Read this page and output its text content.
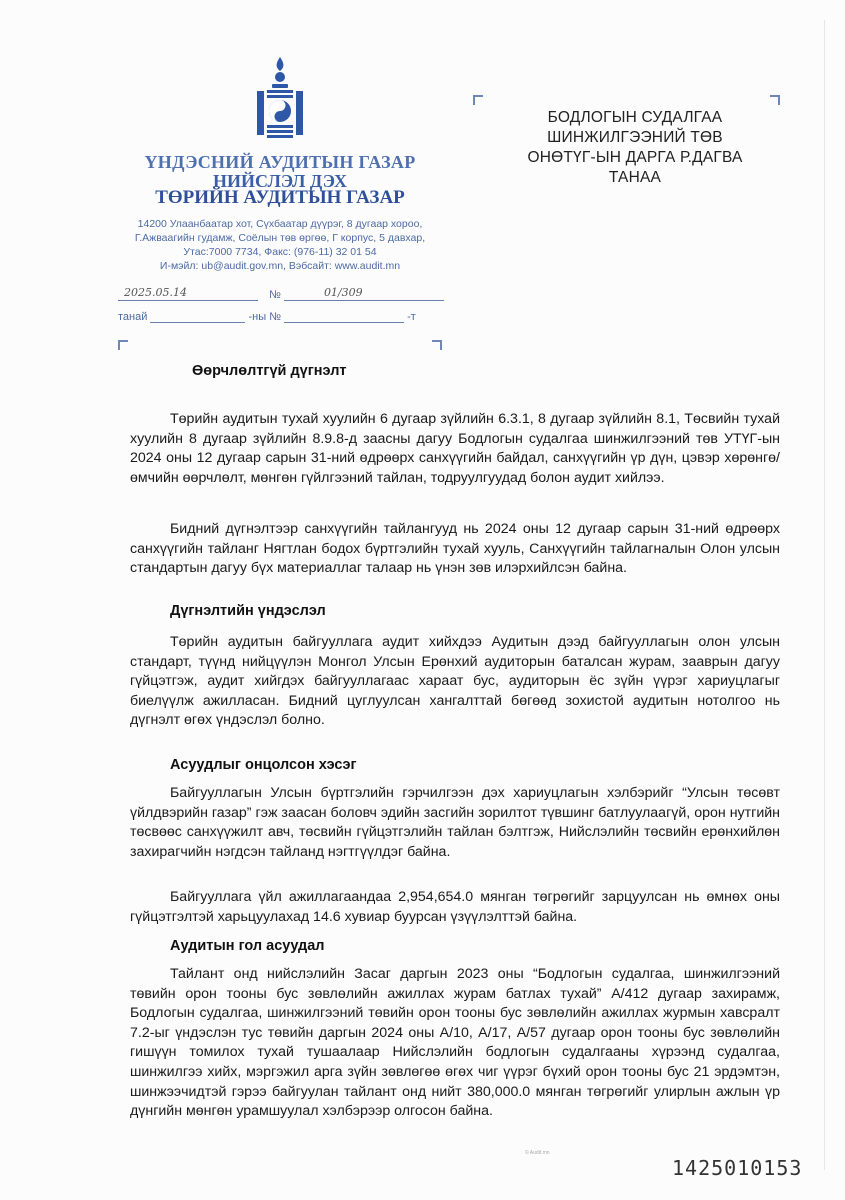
ҮНДЭСНИЙ АУДИТЫН ГАЗАР
НИЙСЛЭЛ ДЭХ
ТӨРИЙН АУДИТЫН ГАЗАР
14200 Улаанбаатар хот, Сүхбаатар дүүрэг, 8 дугаар хороо,
Г.Ажваагийн гудамж, Соёлын төв өргөө, Г корпус, 5 давхар,
Утас:7000 7734, Факс: (976-11) 32 01 54
И-мэйл: ub@audit.gov.mn, Вэбсайт: www.audit.mn
2025.05.14	№	01/309
танай	-ны №	-т
БОДЛОГЫН СУДАЛГАА
ШИНЖИЛГЭЭНИЙ ТӨВ
ОНӨТҮГ-ЫН ДАРГА Р.ДАГВА
ТАНАА
Өөрчлөлтгүй дүгнэлт
Төрийн аудитын тухай хуулийн 6 дугаар зүйлийн 6.3.1, 8 дугаар зүйлийн 8.1, Төсвийн тухай хуулийн 8 дугаар зүйлийн 8.9.8-д заасны дагуу Бодлогын судалгаа шинжилгээний төв УТҮГ-ын 2024 оны 12 дугаар сарын 31-ний өдрөөрх санхүүгийн байдал, санхүүгийн үр дүн, цэвэр хөрөнгө/өмчийн өөрчлөлт, мөнгөн гүйлгээний тайлан, тодруулгуудад болон аудит хийлээ.
Бидний дүгнэлтээр санхүүгийн тайлангууд нь 2024 оны 12 дугаар сарын 31-ний өдрөөрх санхүүгийн тайланг Нягтлан бодох бүртгэлийн тухай хууль, Санхүүгийн тайлагналын Олон улсын стандартын дагуу бүх материаллаг талаар нь үнэн зөв илэрхийлсэн байна.
Дүгнэлтийн үндэслэл
Төрийн аудитын байгууллага аудит хийхдээ Аудитын дээд байгууллагын олон улсын стандарт, түүнд нийцүүлэн Монгол Улсын Ерөнхий аудиторын баталсан журам, зааврын дагуу гүйцэтгэж, аудит хийгдэх байгууллагаас хараат бус, аудиторын ёс зүйн үүрэг хариуцлагыг биелүүлж ажилласан. Бидний цуглуулсан хангалттай бөгөөд зохистой аудитын нотолгоо нь дүгнэлт өгөх үндэслэл болно.
Асуудлыг онцолсон хэсэг
Байгууллагын Улсын бүртгэлийн гэрчилгээн дэх хариуцлагын хэлбэрийг “Улсын төсөвт үйлдвэрийн газар” гэж заасан боловч эдийн засгийн зорилтот түвшинг батлуулаагүй, орон нутгийн төсвөөс санхүүжилт авч, төсвийн гүйцэтгэлийн тайлан бэлтгэж, Нийслэлийн төсвийн ерөнхийлөн захирагчийн нэгдсэн тайланд нэгтгүүлдэг байна.
Байгууллага үйл ажиллагаандаа 2,954,654.0 мянган төгрөгийг зарцуулсан нь өмнөх оны гүйцэтгэлтэй харьцуулахад 14.6 хувиар буурсан үзүүлэлттэй байна.
Аудитын гол асуудал
Тайлант онд нийслэлийн Засаг даргын 2023 оны “Бодлогын судалгаа, шинжилгээний төвийн орон тооны бус зөвлөлийн ажиллах журам батлах тухай” А/412 дугаар захирамж, Бодлогын судалгаа, шинжилгээний төвийн орон тооны бус зөвлөлийн ажиллах журмын хавсралт 7.2-ыг үндэслэн тус төвийн даргын 2024 оны А/10, А/17, А/57 дугаар орон тооны бус зөвлөлийн гишүүн томилох тухай тушаалаар Нийслэлийн бодлогын судалгааны хүрээнд судалгаа, шинжилгээ хийх, мэргэжил арга зүйн зөвлөгөө өгөх чиг үүрэг бүхий орон тооны бус 21 эрдэмтэн, шинжээчидтэй гэрээ байгуулан тайлант онд нийт 380,000.0 мянган төгрөгийг улирлын ажлын үр дүнгийн мөнгөн урамшуулал хэлбэрээр олгосон байна.
© Audit.mn
1425010153
